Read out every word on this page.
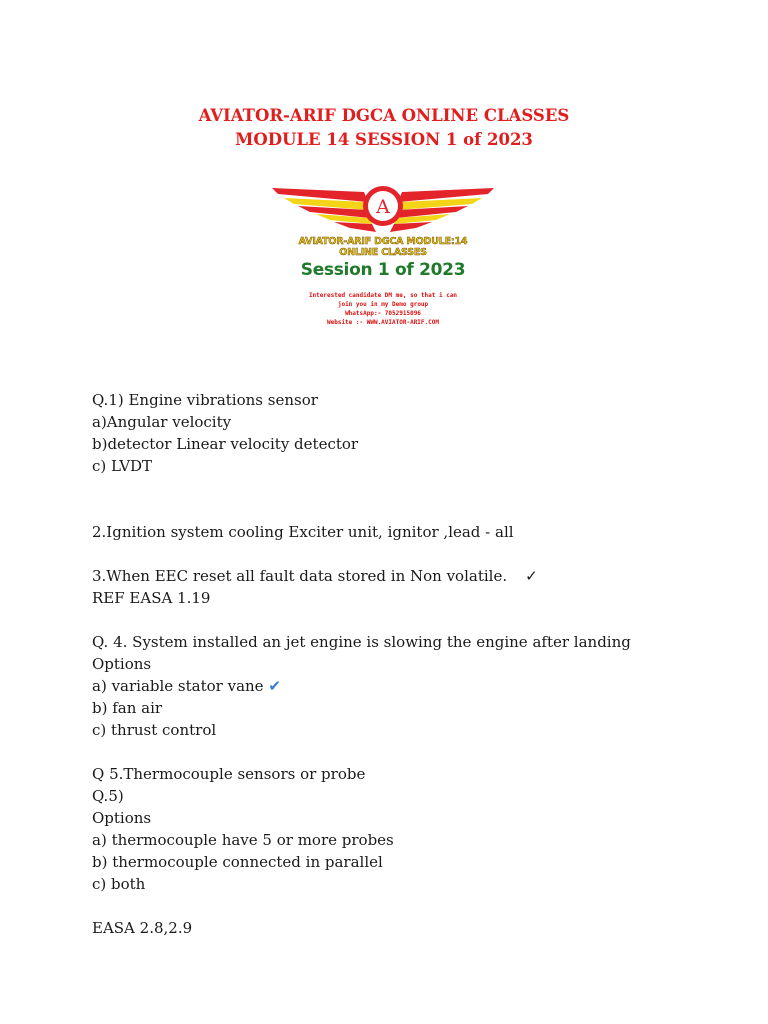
AVIATOR-ARIF DGCA ONLINE CLASSES
MODULE 14 SESSION 1 of 2023
A
AVIATOR-ARIF DGCA MODULE:14
ONLINE CLASSES
Session 1 of 2023
Interested candidate DM me, so that i can
join you in my Demo group
WhatsApp:- 7052915096
Website :- WWW.AVIATOR-ARIF.COM
Q.1) Engine vibrations sensor
a)Angular velocity
b)detector Linear velocity detector
c) LVDT
2.Ignition system cooling Exciter unit, ignitor ,lead - all
3.When EEC reset all fault data stored in Non volatile. ✓
REF EASA 1.19
Q. 4. System installed an jet engine is slowing the engine after landing
Options
a) variable stator vane ✔
b) fan air
c) thrust control
Q 5.Thermocouple sensors or probe
Q.5)
Options
a) thermocouple have 5 or more probes
b) thermocouple connected in parallel
c) both
EASA 2.8,2.9
